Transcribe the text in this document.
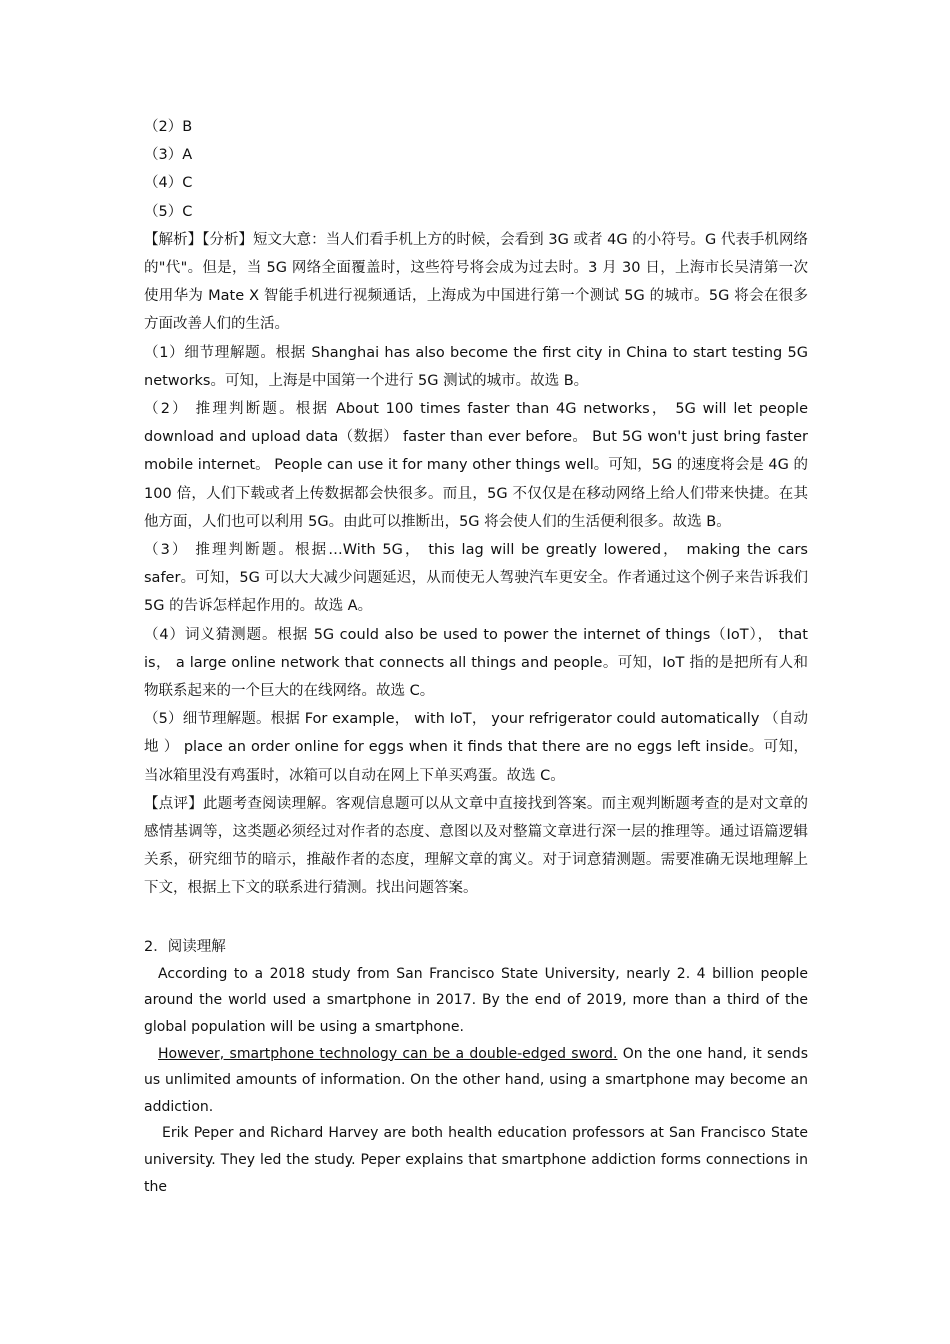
（2）B
（3）A
（4）C
（5）C
【解析】【分析】短文大意：当人们看手机上方的时候，会看到 3G 或者 4G 的小符号。G 代表手机网络的"代"。但是，当 5G 网络全面覆盖时，这些符号将会成为过去时。3 月 30 日，上海市长吴清第一次使用华为 Mate X 智能手机进行视频通话，上海成为中国进行第一个测试 5G 的城市。5G 将会在很多方面改善人们的生活。
（1）细节理解题。根据 Shanghai has also become the first city in China to start testing 5G networks。可知，上海是中国第一个进行 5G 测试的城市。故选 B。
（2） 推理判断题。根据 About 100 times faster than 4G networks， 5G will let people download and upload data（数据） faster than ever before。 But 5G won't just bring faster mobile internet。 People can use it for many other things well。可知，5G 的速度将会是 4G 的 100 倍，人们下载或者上传数据都会快很多。而且，5G 不仅仅是在移动网络上给人们带来快捷。在其他方面，人们也可以利用 5G。由此可以推断出，5G 将会使人们的生活便利很多。故选 B。
（3） 推理判断题。根据…With 5G， this lag will be greatly lowered， making the cars safer。可知，5G 可以大大减少问题延迟，从而使无人驾驶汽车更安全。作者通过这个例子来告诉我们 5G 的告诉怎样起作用的。故选 A。
（4）词义猜测题。根据 5G could also be used to power the internet of things（IoT）， that is， a large online network that connects all things and people。可知，IoT 指的是把所有人和物联系起来的一个巨大的在线网络。故选 C。
（5）细节理解题。根据 For example， with IoT， your refrigerator could automatically （自动地 ） place an order online for eggs when it finds that there are no eggs left inside。可知，当冰箱里没有鸡蛋时，冰箱可以自动在网上下单买鸡蛋。故选 C。
【点评】此题考查阅读理解。客观信息题可以从文章中直接找到答案。而主观判断题考查的是对文章的感情基调等，这类题必须经过对作者的态度、意图以及对整篇文章进行深一层的推理等。通过语篇逻辑关系，研究细节的暗示，推敲作者的态度，理解文章的寓义。对于词意猜测题。需要准确无误地理解上下文，根据上下文的联系进行猜测。找出问题答案。
2．阅读理解
According to a 2018 study from San Francisco State University, nearly 2. 4 billion people around the world used a smartphone in 2017. By the end of 2019, more than a third of the global population will be using a smartphone.
However, smartphone technology can be a double-edged sword. On the one hand, it sends us unlimited amounts of information. On the other hand, using a smartphone may become an addiction.
Erik Peper and Richard Harvey are both health education professors at San Francisco State university. They led the study. Peper explains that smartphone addiction forms connections in the
